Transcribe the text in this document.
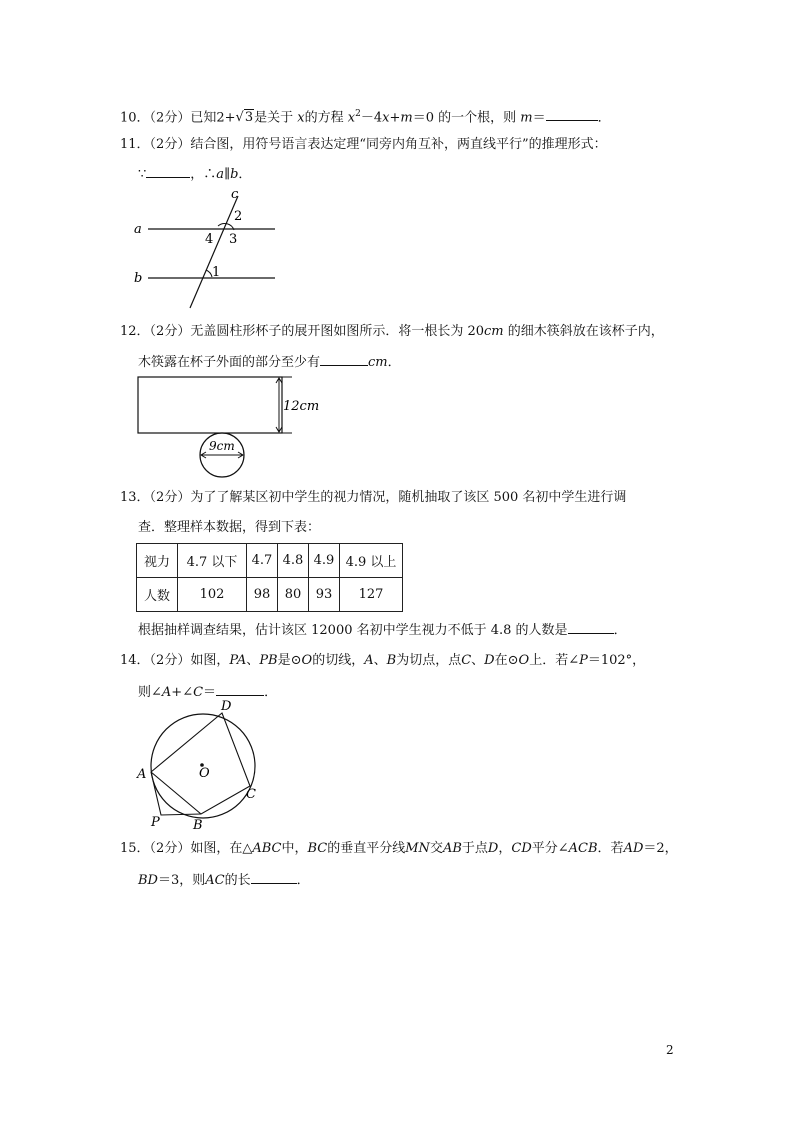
10．（2分）已知2+√3是关于 x的方程 $x^2-4x+m=0$ 的一个根，则 m＝	．
11．（2分）结合图，用符号语言表达定理“同旁内角互补，两直线平行”的推理形式：
∵	，∴a∥b．
a
b
c
2
3
4
1
12．（2分）无盖圆柱形杯子的展开图如图所示．将一根长为 20cm 的细木筷斜放在该杯子内，
木筷露在杯子外面的部分至少有	cm．
12cm
9cm
13．（2分）为了了解某区初中学生的视力情况，随机抽取了该区 500 名初中学生进行调
查．整理样本数据，得到下表：
视力	4.7 以下	4.7	4.8	4.9	4.9 以上
人数	102	98	80	93	127
根据抽样调查结果，估计该区 12000 名初中学生视力不低于 4.8 的人数是	．
14．（2分）如图，PA、PB是⊙O的切线，A、B为切点，点C、D在⊙O上．若∠P＝102°，
则∠A+∠C＝	．
D
A	O
C
P	B
15．（2分）如图，在△ABC中，BC的垂直平分线MN交AB于点D，CD平分∠ACB．若AD＝2，
BD＝3，则AC的长	．
2
